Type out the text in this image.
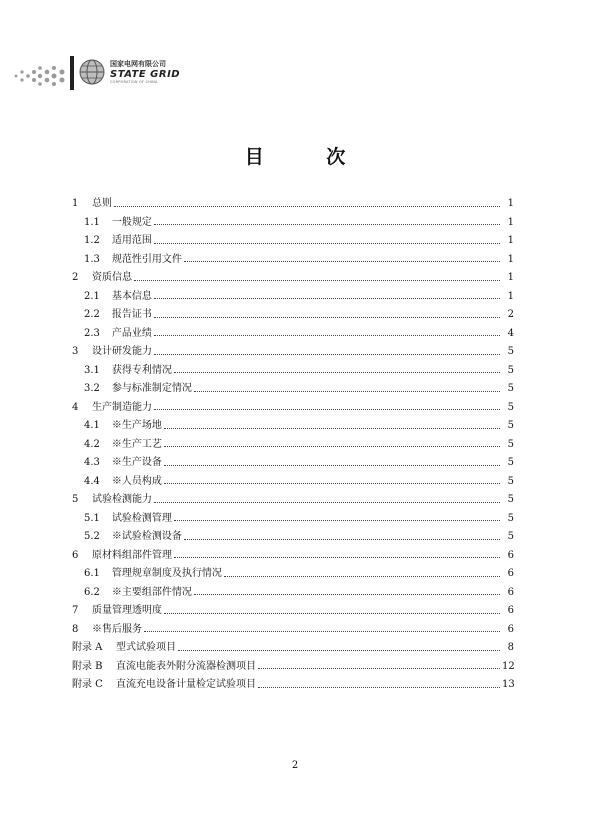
国家电网有限公司
STATE GRID
CORPORATION OF CHINA
目 次
1	总则	1
1.1 一般规定	1
1.2 适用范围	1
1.3 规范性引用文件	1
2	资质信息	1
2.1 基本信息	1
2.2 报告证书	2
2.3 产品业绩	4
3	设计研发能力	5
3.1 获得专利情况	5
3.2 参与标准制定情况	5
4	生产制造能力	5
4.1 ※生产场地	5
4.2 ※生产工艺	5
4.3 ※生产设备	5
4.4 ※人员构成	5
5	试验检测能力	5
5.1 试验检测管理	5
5.2 ※试验检测设备	5
6	原材料组部件管理	6
6.1 管理规章制度及执行情况	6
6.2 ※主要组部件情况	6
7	质量管理透明度	6
8	※售后服务	6
附录 A	型式试验项目	8
附录 B	直流电能表外附分流器检测项目	12
附录 C	直流充电设备计量检定试验项目	13
2
